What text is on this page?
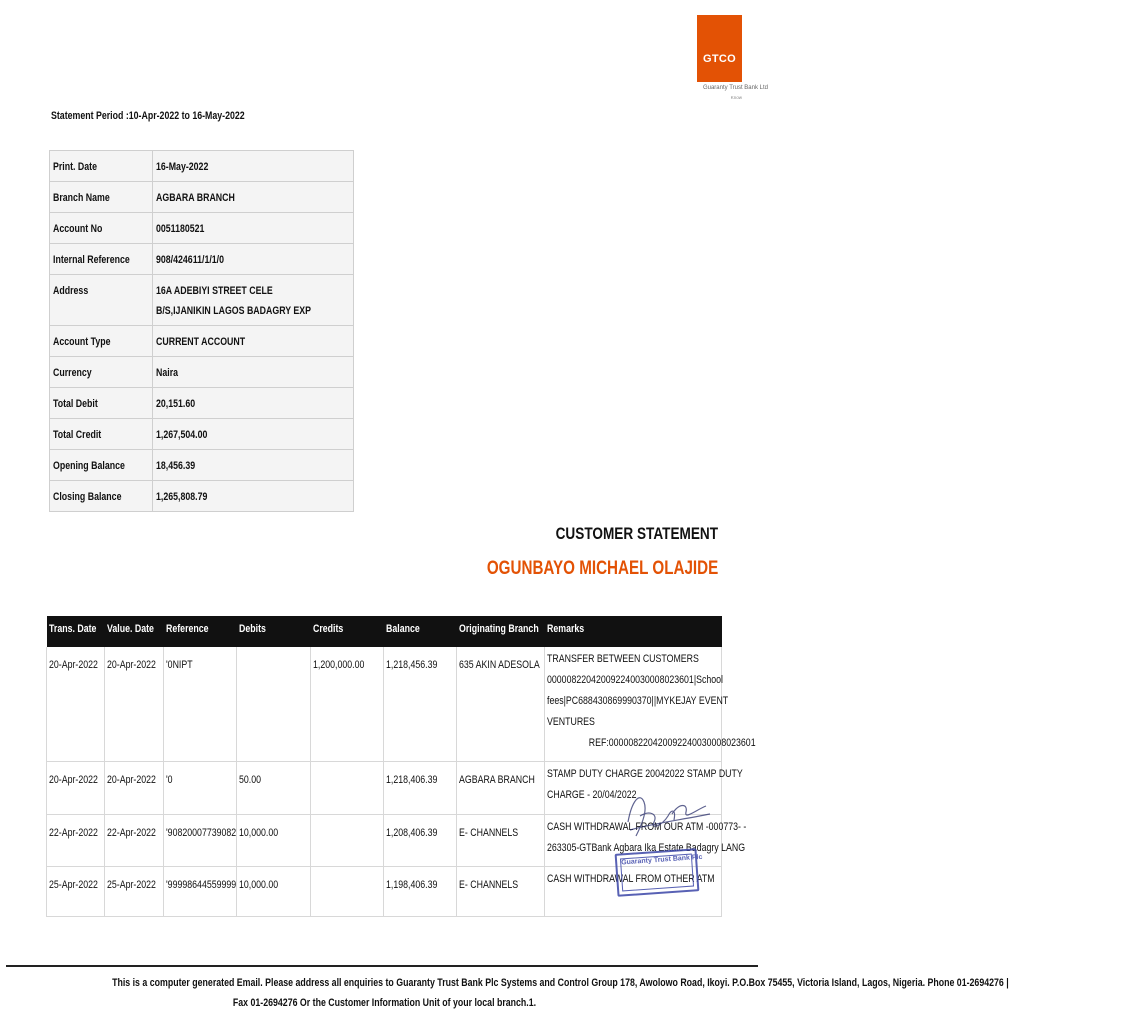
GTCO
Guaranty Trust Bank Ltd
Know
Statement Period :10-Apr-2022 to 16-May-2022
Print. Date	16-May-2022

Branch Name	AGBARA BRANCH

Account No	0051180521

Internal Reference	908/424611/1/1/0

Address	16A ADEBIYI STREET CELE
B/S,IJANIKIN LAGOS BADAGRY EXP

Account Type	CURRENT ACCOUNT

Currency	Naira

Total Debit	20,151.60

Total Credit	1,267,504.00

Opening Balance	18,456.39

Closing Balance	1,265,808.79
CUSTOMER STATEMENT
OGUNBAYO MICHAEL OLAJIDE
Trans. Date	Value. Date	Reference	Debits	Credits	Balance	Originating Branch	Remarks
20-Apr-2022	20-Apr-2022	'0NIPT		1,200,000.00	1,218,456.39	635 AKIN ADESOLA	TRANSFER BETWEEN CUSTOMERS
000008220420092240030008023601|School
fees|PC688430869990370||MYKEJAY EVENT
VENTURES
REF:000008220420092240030008023601

20-Apr-2022	20-Apr-2022	'0	50.00		1,218,406.39	AGBARA BRANCH	STAMP DUTY CHARGE 20042022 STAMP DUTY
CHARGE - 20/04/2022

22-Apr-2022	22-Apr-2022	'90820007739082	10,000.00		1,208,406.39	E- CHANNELS	CASH WITHDRAWAL FROM OUR ATM -000773- -
263305-GTBank Agbara Ika Estate Badagry LANG

25-Apr-2022	25-Apr-2022	'99998644559999	10,000.00		1,198,406.39	E- CHANNELS	CASH WITHDRAWAL FROM OTHER ATM
Guaranty Trust Bank Plc
This is a computer generated Email. Please address all enquiries to Guaranty Trust Bank Plc Systems and Control Group 178, Awolowo Road, Ikoyi. P.O.Box 75455, Victoria Island, Lagos, Nigeria. Phone 01-2694276 |
Fax 01-2694276 Or the Customer Information Unit of your local branch.1.
